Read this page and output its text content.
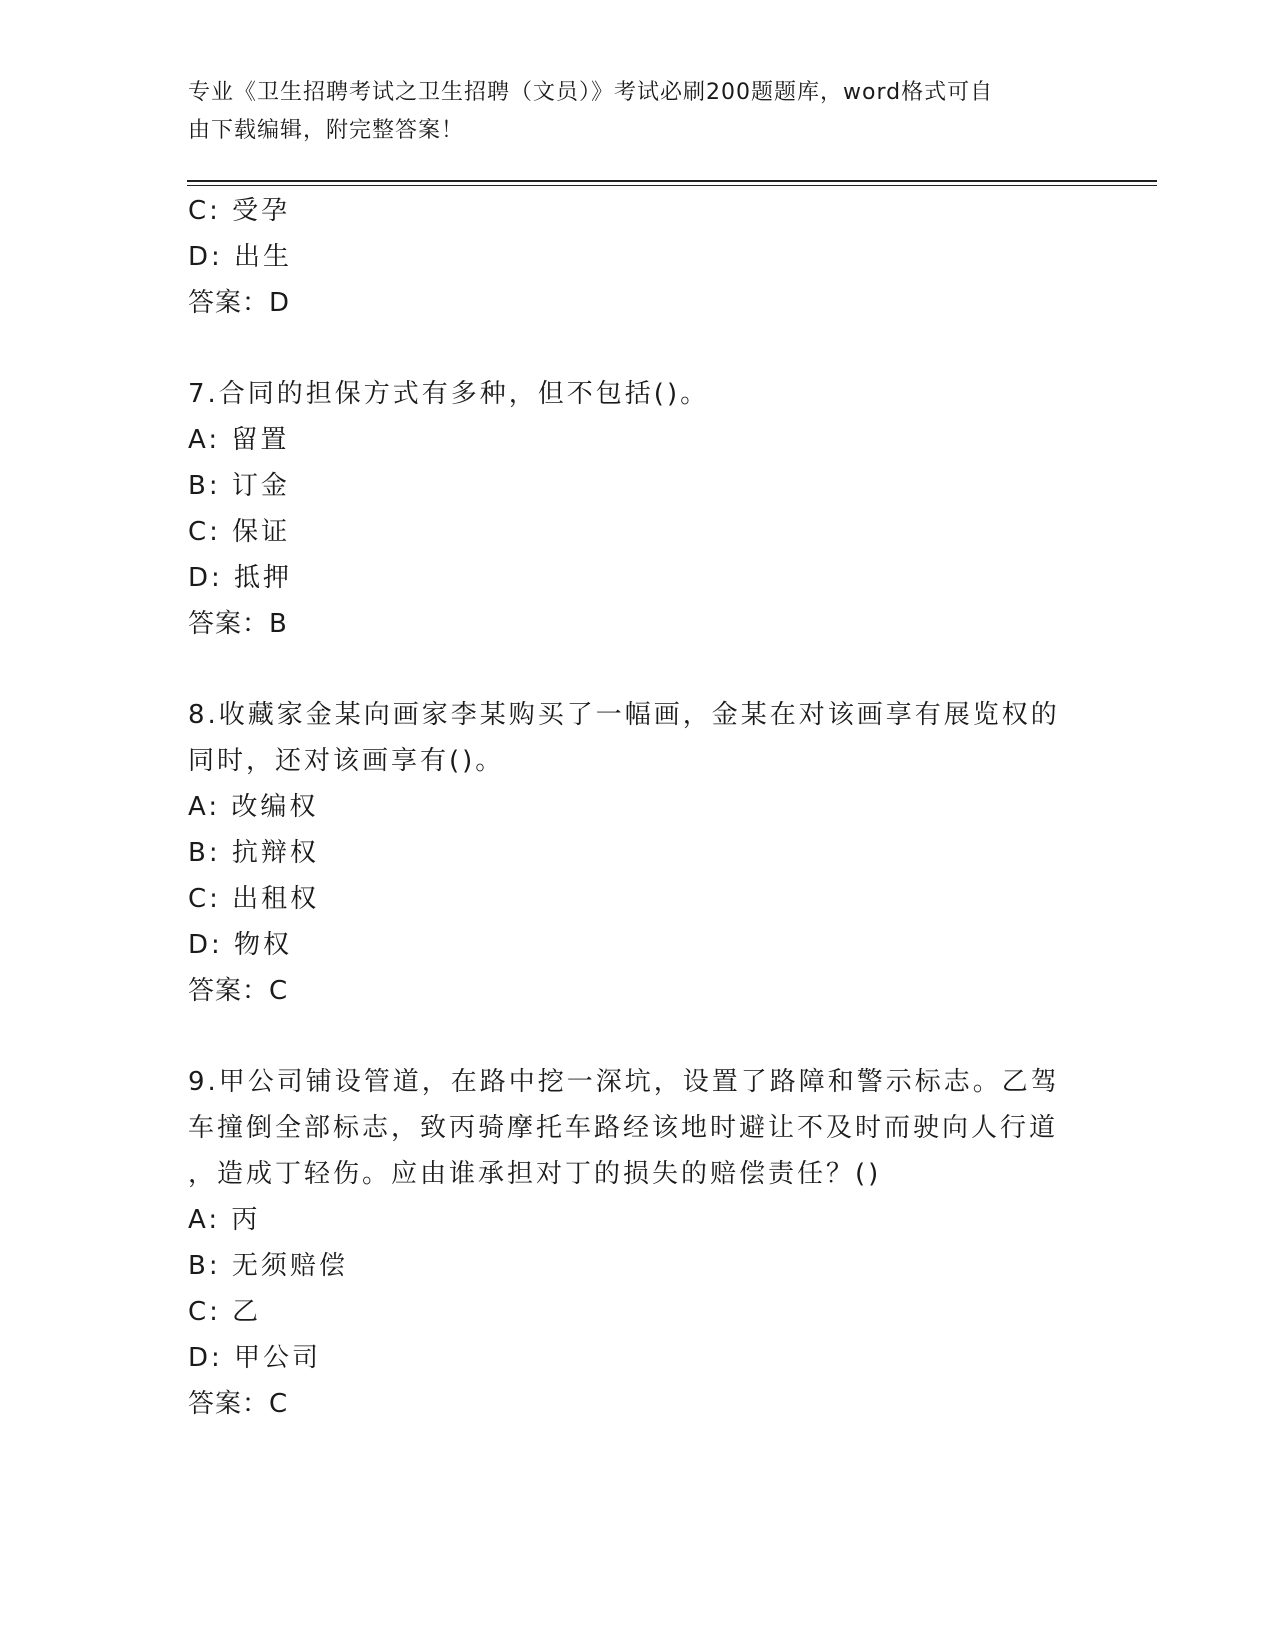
专业《卫生招聘考试之卫生招聘（文员）》考试必刷200题题库，word格式可自
由下载编辑，附完整答案！
C: 受孕
D: 出生
答案：D
7.合同的担保方式有多种，但不包括()。
A: 留置
B: 订金
C: 保证
D: 抵押
答案：B
8.收藏家金某向画家李某购买了一幅画，金某在对该画享有展览权的
同时，还对该画享有()。
A: 改编权
B: 抗辩权
C: 出租权
D: 物权
答案：C
9.甲公司铺设管道，在路中挖一深坑，设置了路障和警示标志。乙驾
车撞倒全部标志，致丙骑摩托车路经该地时避让不及时而驶向人行道
，造成丁轻伤。应由谁承担对丁的损失的赔偿责任？()
A: 丙
B: 无须赔偿
C: 乙
D: 甲公司
答案：C
